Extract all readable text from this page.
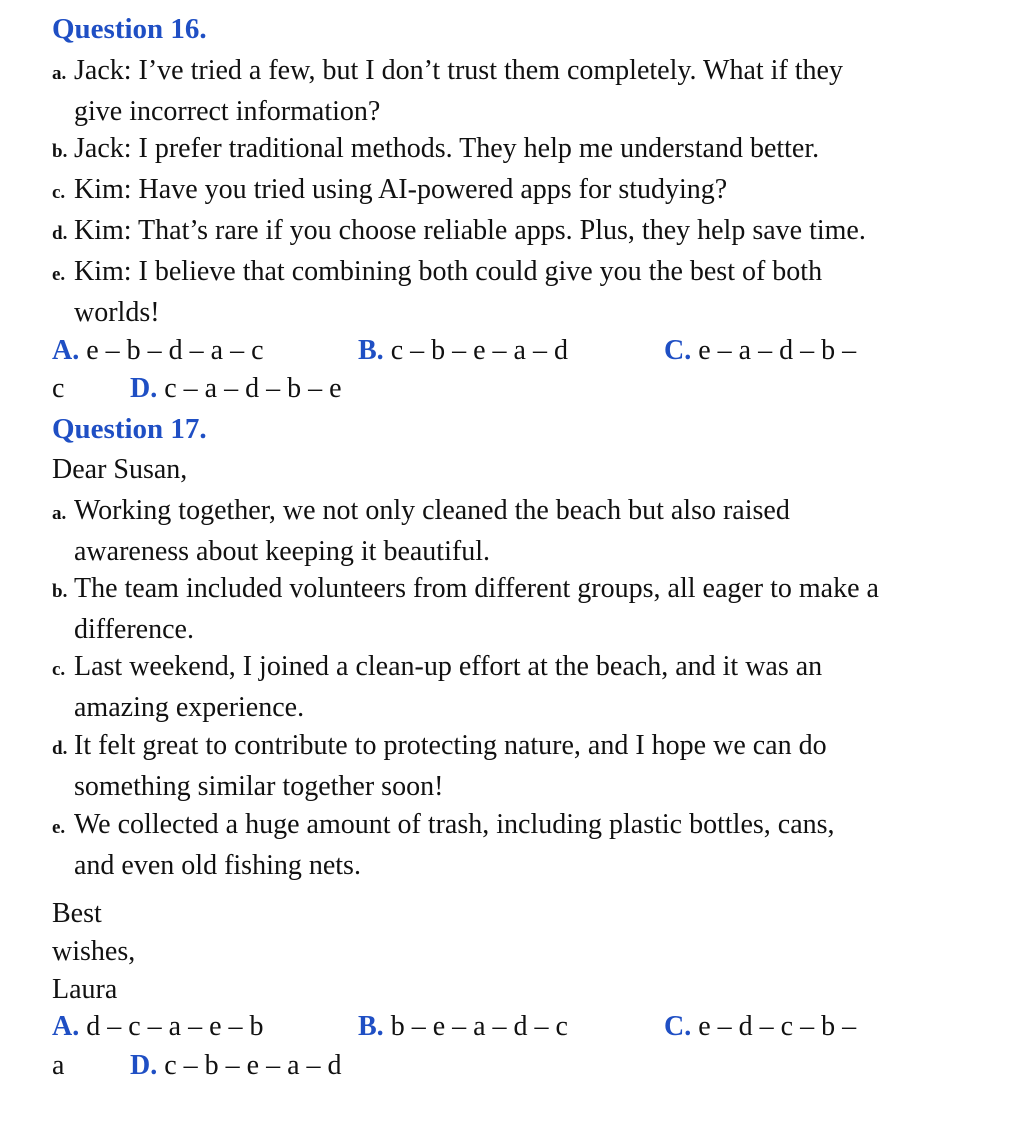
Question 16.
a. Jack: I’ve tried a few, but I don’t trust them completely. What if they
give incorrect information?
b. Jack: I prefer traditional methods. They help me understand better.
c. Kim: Have you tried using AI-powered apps for studying?
d. Kim: That’s rare if you choose reliable apps. Plus, they help save time.
e. Kim: I believe that combining both could give you the best of both
worlds!
A. e – b – d – a – c	B. c – b – e – a – d	C. e – a – d – b –
c D. c – a – d – b – e
Question 17.
Dear Susan,
a. Working together, we not only cleaned the beach but also raised
awareness about keeping it beautiful.
b. The team included volunteers from different groups, all eager to make a
difference.
c. Last weekend, I joined a clean-up effort at the beach, and it was an
amazing experience.
d. It felt great to contribute to protecting nature, and I hope we can do
something similar together soon!
e. We collected a huge amount of trash, including plastic bottles, cans,
and even old fishing nets.
Best
wishes,
Laura
A. d – c – a – e – b	B. b – e – a – d – c	C. e – d – c – b –
a D. c – b – e – a – d
